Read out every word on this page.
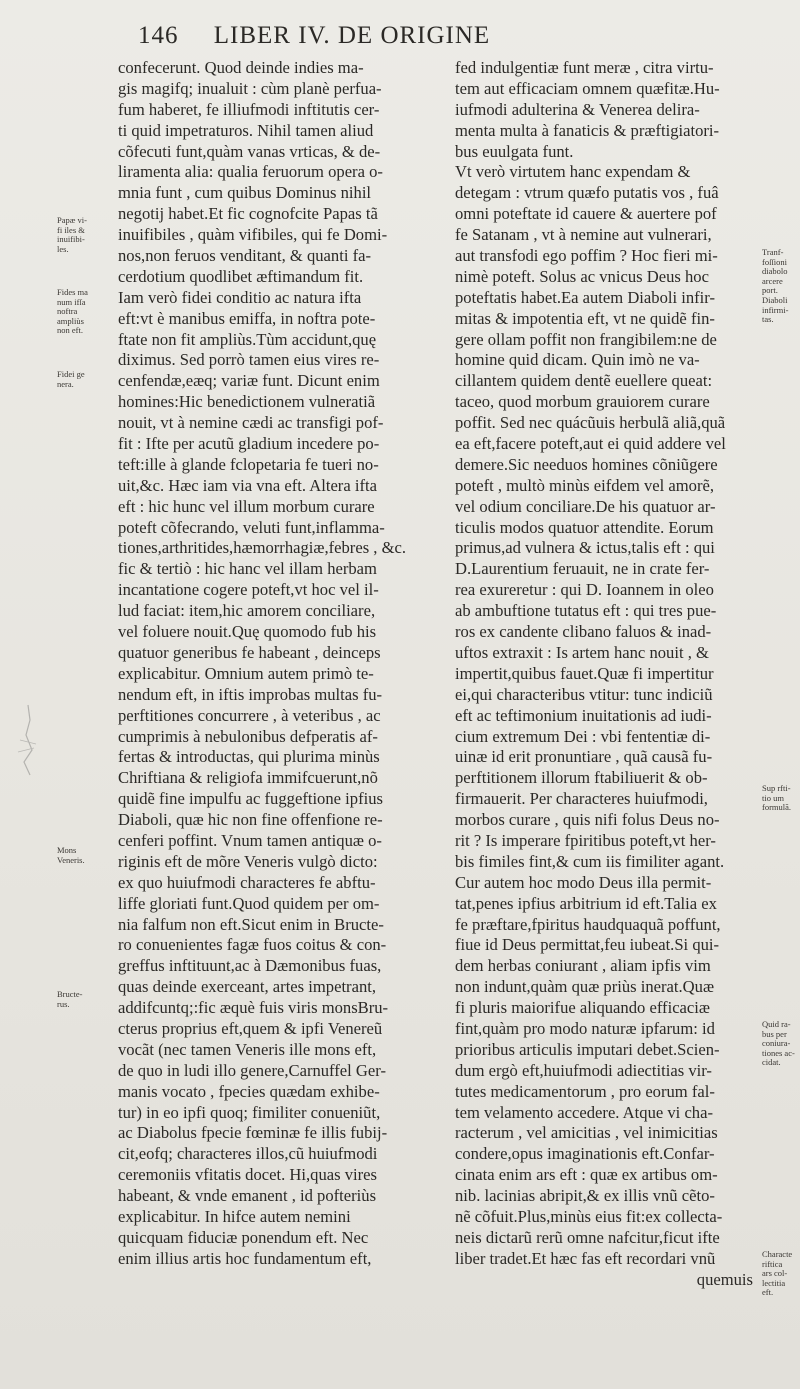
146 LIBER IV. DE ORIGINE
confecerunt. Quod deinde indies ma-
gis magifq; inualuit : cùm planè perfua-
fum haberet, fe illiufmodi inftitutis cer-
ti quid impetraturos. Nihil tamen aliud
cõfecuti funt,quàm vanas vrticas, & de-
liramenta alia: qualia feruorum opera o-
mnia funt , cum quibus Dominus nihil
negotij habet.Et fic cognofcite Papas tã
inuifibiles , quàm vifibiles, qui fe Domi-
nos,non feruos venditant, & quanti fa-
cerdotium quodlibet æftimandum fit.
Iam verò fidei conditio ac natura ifta
eft:vt è manibus emiffa, in noftra pote-
ftate non fit ampliùs.Tùm accidunt,quę
diximus. Sed porrò tamen eius vires re-
cenfendæ,eæq; variæ funt. Dicunt enim
homines:Hic benedictionem vulneratiã
nouit, vt à nemine cædi ac transfigi pof-
fit : Ifte per acutũ gladium incedere po-
teft:ille à glande fclopetaria fe tueri no-
uit,&c. Hæc iam via vna eft. Altera ifta
eft : hic hunc vel illum morbum curare
poteft cõfecrando, veluti funt,inflamma-
tiones,arthritides,hæmorrhagiæ,febres , &c.
fic & tertiò : hic hanc vel illam herbam
incantatione cogere poteft,vt hoc vel il-
lud faciat: item,hic amorem conciliare,
vel foluere nouit.Quę quomodo fub his
quatuor generibus fe habeant , deinceps
explicabitur. Omnium autem primò te-
nendum eft, in iftis improbas multas fu-
perftitiones concurrere , à veteribus , ac
cumprimis à nebulonibus defperatis af-
fertas & introductas, qui plurima minùs
Chriftiana & religiofa immifcuerunt,nõ
quidẽ fine impulfu ac fuggeftione ipfius
Diaboli, quæ hic non fine offenfione re-
cenferi poffint. Vnum tamen antiquæ o-
riginis eft de mõre Veneris vulgò dicto:
ex quo huiufmodi characteres fe abftu-
liffe gloriati funt.Quod quidem per om-
nia falfum non eft.Sicut enim in Bructe-
ro conuenientes fagæ fuos coitus & con-
greffus inftituunt,ac à Dæmonibus fuas,
quas deinde exerceant, artes impetrant,
addifcuntq;:fic æquè fuis viris monsBru-
cterus proprius eft,quem & ipfi Venereũ
vocãt (nec tamen Veneris ille mons eft,
de quo in ludi illo genere,Carnuffel Ger-
manis vocato , fpecies quædam exhibe-
tur) in eo ipfi quoq; fimiliter conueniũt,
ac Diabolus fpecie fœminæ fe illis fubij-
cit,eofq; characteres illos,cũ huiufmodi
ceremoniis vfitatis docet. Hi,quas vires
habeant, & vnde emanent , id pofteriùs
explicabitur. In hifce autem nemini
quicquam fiduciæ ponendum eft. Nec
enim illius artis hoc fundamentum eft,
fed indulgentiæ funt meræ , citra virtu-
tem aut efficaciam omnem quæfitæ.Hu-
iufmodi adulterina & Venerea delira-
menta multa à fanaticis & præftigiatori-
bus euulgata funt.
Vt verò virtutem hanc expendam &
detegam : vtrum quæfo putatis vos , fuâ
omni poteftate id cauere & auertere pof
fe Satanam , vt à nemine aut vulnerari,
aut transfodi ego poffim ? Hoc fieri mi-
nimè poteft. Solus ac vnicus Deus hoc
poteftatis habet.Ea autem Diaboli infir-
mitas & impotentia eft, vt ne quidẽ fin-
gere ollam poffit non frangibilem:ne de
homine quid dicam. Quin imò ne va-
cillantem quidem dentẽ euellere queat:
taceo, quod morbum grauiorem curare
poffit. Sed nec quácũuis herbulã aliã,quã
ea eft,facere poteft,aut ei quid addere vel
demere.Sic needuos homines cõniũgere
poteft , multò minùs eifdem vel amorẽ,
vel odium conciliare.De his quatuor ar-
ticulis modos quatuor attendite. Eorum
primus,ad vulnera & ictus,talis eft : qui
D.Laurentium feruauit, ne in crate fer-
rea exureretur : qui D. Ioannem in oleo
ab ambuftione tutatus eft : qui tres pue-
ros ex candente clibano faluos & inad-
uftos extraxit : Is artem hanc nouit , &
impertit,quibus fauet.Quæ fi impertitur
ei,qui characteribus vtitur: tunc indiciũ
eft ac teftimonium inuitationis ad iudi-
cium extremum Dei : vbi fententiæ di-
uinæ id erit pronuntiare , quã causã fu-
perftitionem illorum ftabiliuerit & ob-
firmauerit. Per characteres huiufmodi,
morbos curare , quis nifi folus Deus no-
rit ? Is imperare fpiritibus poteft,vt her-
bis fimiles fint,& cum iis fimiliter agant.
Cur autem hoc modo Deus illa permit-
tat,penes ipfius arbitrium id eft.Talia ex
fe præftare,fpiritus haudquaquã poffunt,
fiue id Deus permittat,feu iubeat.Si qui-
dem herbas coniurant , aliam ipfis vim
non indunt,quàm quæ priùs inerat.Quæ
fi pluris maiorifue aliquando efficaciæ
fint,quàm pro modo naturæ ipfarum: id
prioribus articulis imputari debet.Scien-
dum ergò eft,huiufmodi adiectitias vir-
tutes medicamentorum , pro eorum fal-
tem velamento accedere. Atque vi cha-
racterum , vel amicitias , vel inimicitias
condere,opus imaginationis eft.Confar-
cinata enim ars eft : quæ ex artibus om-
nib. lacinias abripit,& ex illis vnũ cẽto-
nẽ cõfuit.Plus,minùs eius fit:ex collecta-
neis dictarũ rerũ omne nafcitur,ficut ifte
liber tradet.Et hæc fas eft recordari vnũ
quemuis
Papæ vi-
fi iles &
inuifibi-
les.
Fides ma
num ifſa
noftra
ampliùs
non eft.
Fidei ge
nera.
Mons
Veneris.
Bructe-
rus.
Tranf-
foſſioni
diabolo
arcere
port.
Diaboli
infirmi-
tas.
Sup rfti-
tio um
formulã.
Quid ra-
bus per
coniura-
tiones ac-
cidat.
Characte
riftica
ars col-
lectitia
eft.
